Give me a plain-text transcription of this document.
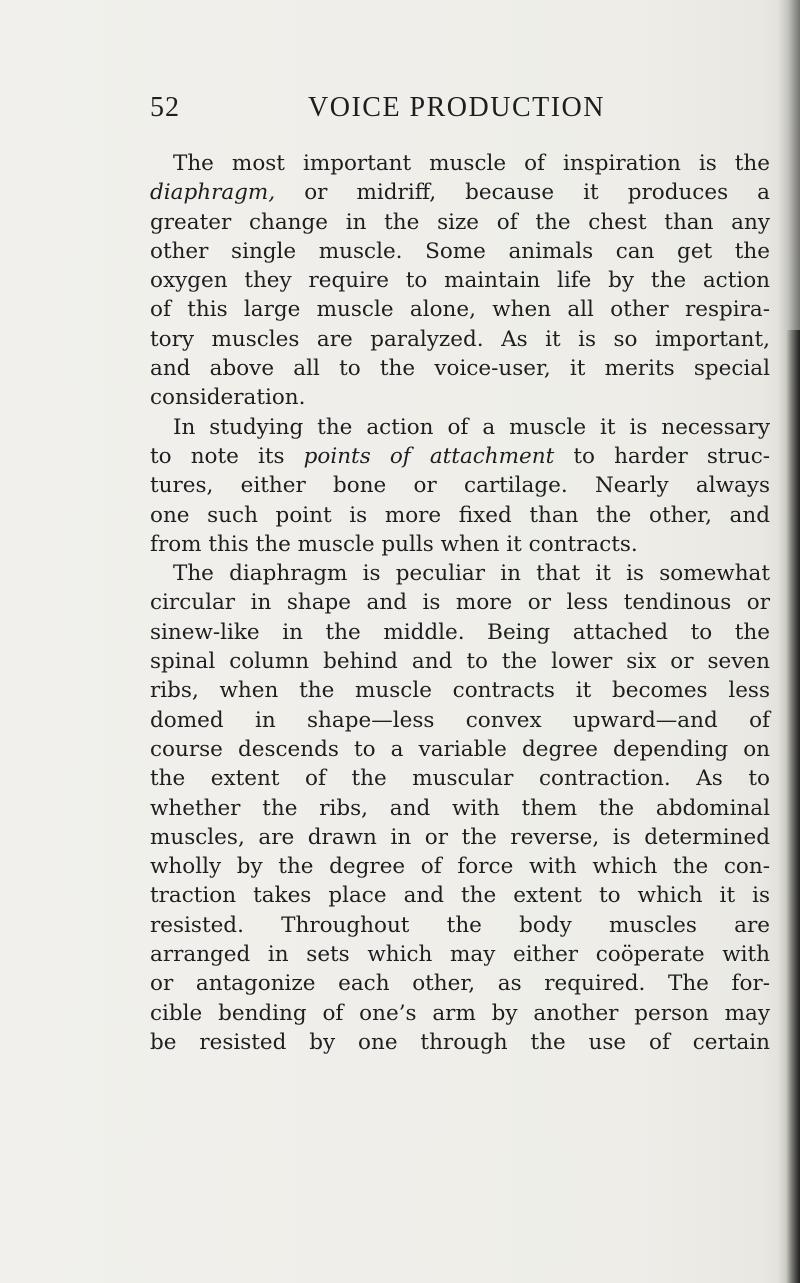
52	VOICE PRODUCTION
The most important muscle of inspiration is the
diaphragm, or midriff, because it produces a
greater change in the size of the chest than any
other single muscle. Some animals can get the
oxygen they require to maintain life by the action
of this large muscle alone, when all other respira-
tory muscles are paralyzed. As it is so important,
and above all to the voice-user, it merits special
consideration.
In studying the action of a muscle it is necessary
to note its points of attachment to harder struc-
tures, either bone or cartilage. Nearly always
one such point is more fixed than the other, and
from this the muscle pulls when it contracts.
The diaphragm is peculiar in that it is somewhat
circular in shape and is more or less tendinous or
sinew-like in the middle. Being attached to the
spinal column behind and to the lower six or seven
ribs, when the muscle contracts it becomes less
domed in shape—less convex upward—and of
course descends to a variable degree depending on
the extent of the muscular contraction. As to
whether the ribs, and with them the abdominal
muscles, are drawn in or the reverse, is determined
wholly by the degree of force with which the con-
traction takes place and the extent to which it is
resisted. Throughout the body muscles are
arranged in sets which may either coöperate with
or antagonize each other, as required. The for-
cible bending of one’s arm by another person may
be resisted by one through the use of certain
